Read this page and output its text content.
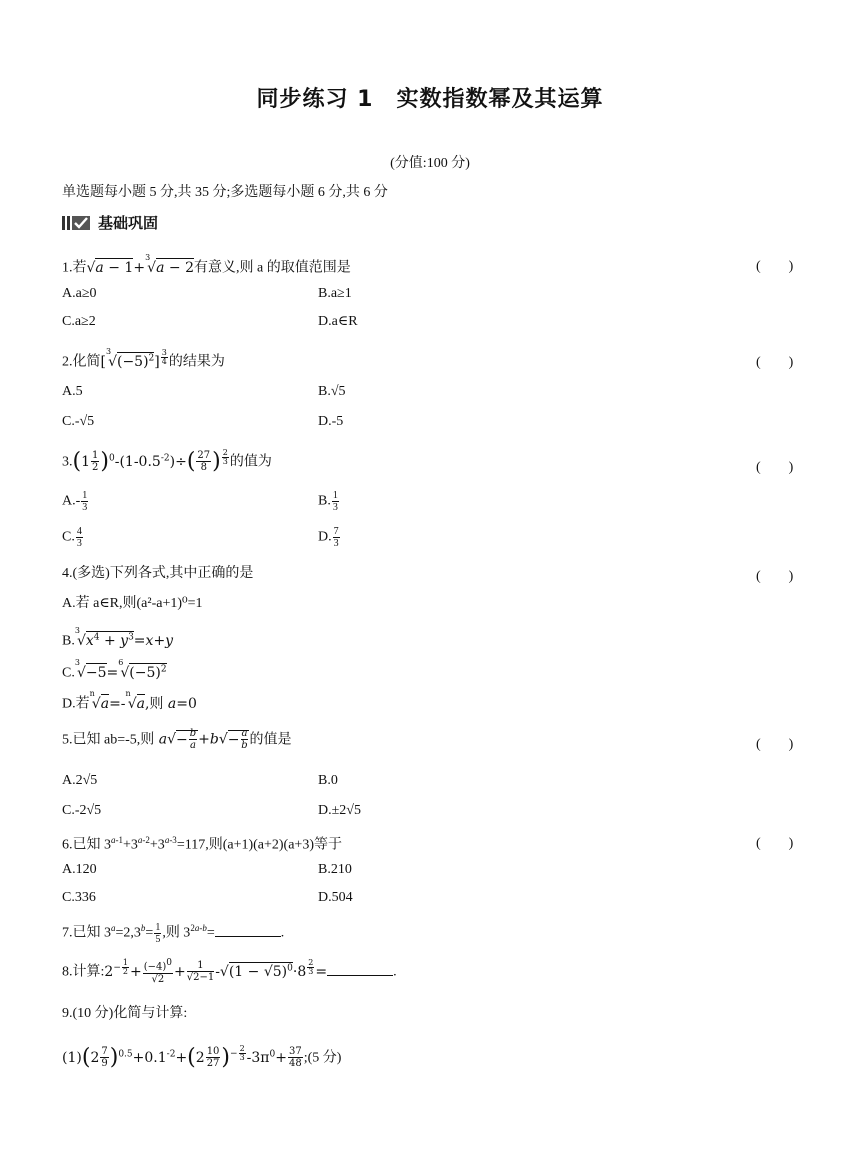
同步练习 1　实数指数幂及其运算
(分值:100 分)
单选题每小题 5 分,共 35 分;多选题每小题 6 分,共 6 分
基础巩固
1.若√a − 1+$^3$√a − 2有意义,则 a 的取值范围是	(　　)
A.a≥0	B.a≥1
C.a≥2	D.a∈R
2.化简$[^3√(-5)^2]$ $^{\frac{3}{4}}$ 的结果为	(　　)
A.5	B.√5
C.-√5	D.-5
$3.(1 \frac{1}{2} )^0-(1-0.5^{-2})\div( \frac{27}{8}$ ) $^{\frac{2}{3}}$ 的值为	(　　)
$A.- \frac{1}{3}$	B. $\frac{1}{3}$
C. $\frac{4}{3}$	D. $\frac{7}{3}$
4.(多选)下列各式,其中正确的是	(　　)
A.若 a∈R,则(a²-a+1)⁰=1
$B.^3√x^4 + y^3=x+y$
$C.^3√-5=^6√(-5)^2$
D.若$^n$√a=-$^n$√a,则 a=0
5.已知 ab=-5,则 $a√- \frac{b}{a} +b√- \frac{a}{b}$ 的值是	(　　)
A.2√5	B.0
C.-2√5	D.±2√5
6.已知 $3^{a-1}+3^{a-2}+3^{a-3}=117$,则(a+1)(a+2)(a+3)等于	(　　)
A.120	B.210
C.336	D.504
7.已知 $3^a=2,3^b= \frac{1}{5}$ ,则 $3^{2a-b}=$	.
8.计算$:2^{- \frac{1}{2}} + \frac{(-4)^0}{√2} + \frac{1}{√2-1} -√(1 - √5)^0\cdot 8$ $^{\frac{2}{3}}$ =	.
9.(10 分)化简与计算:
$(1)(2 \frac{7}{9} )^{0.5}+0.1^{-2}+(2 \frac{10}{27} )^{- \frac{2}{3}}$ $-3\pi^0+ \frac{37}{48}$ ;(5 分)
